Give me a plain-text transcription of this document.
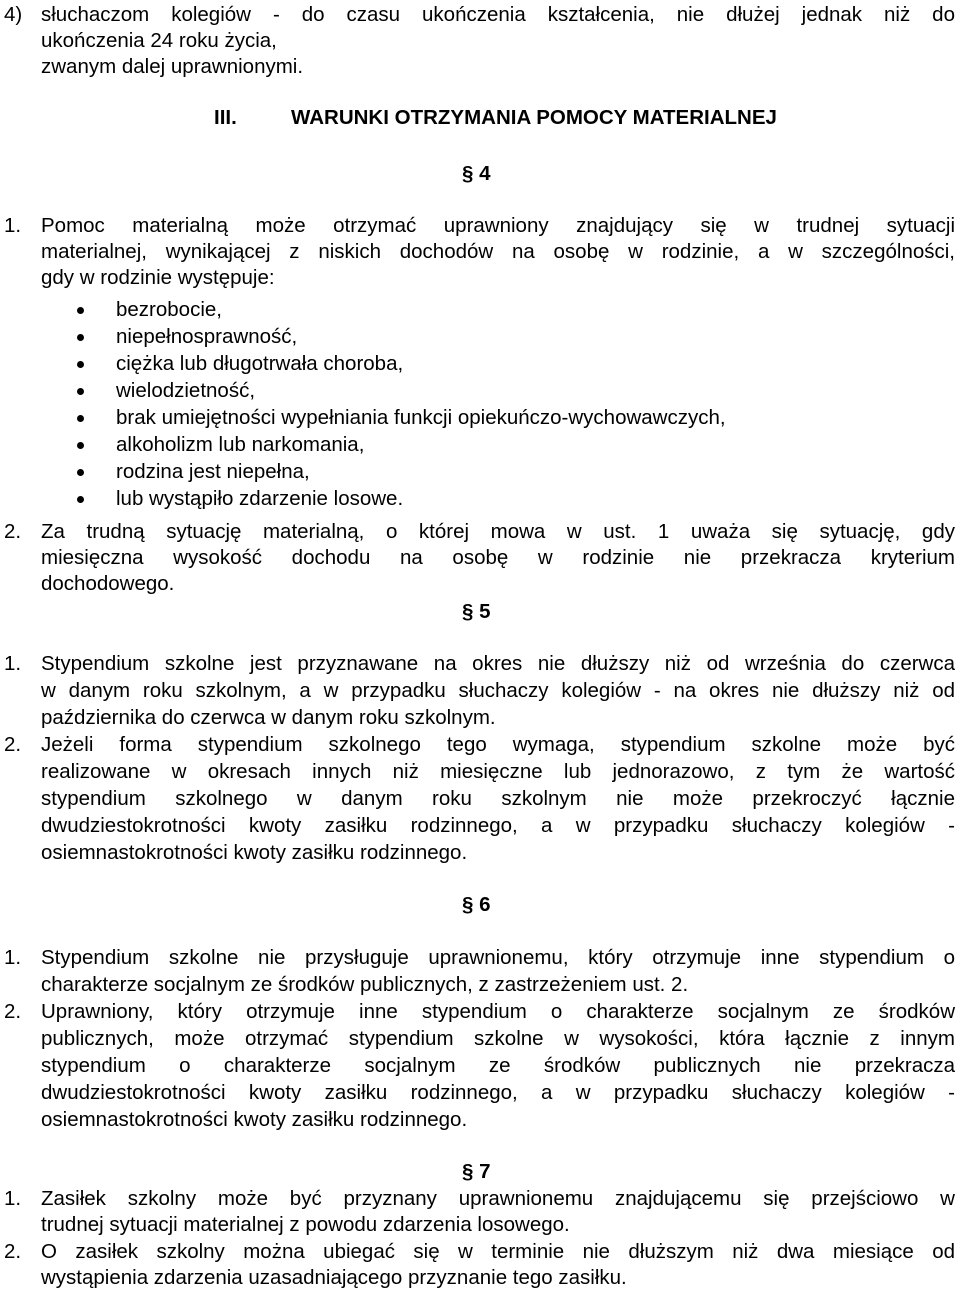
4) słuchaczom kolegiów - do czasu ukończenia kształcenia, nie dłużej jednak niż do
ukończenia 24 roku życia,
zwanym dalej uprawnionymi.
III.	WARUNKI OTRZYMANIA POMOCY MATERIALNEJ
§ 4
1. Pomoc materialną może otrzymać uprawniony znajdujący się w trudnej sytuacji
materialnej, wynikającej z niskich dochodów na osobę w rodzinie, a w szczególności,
gdy w rodzinie występuje:
bezrobocie,
niepełnosprawność,
ciężka lub długotrwała choroba,
wielodzietność,
brak umiejętności wypełniania funkcji opiekuńczo-wychowawczych,
alkoholizm lub narkomania,
rodzina jest niepełna,
lub wystąpiło zdarzenie losowe.
2. Za trudną sytuację materialną, o której mowa w ust. 1 uważa się sytuację, gdy
miesięczna wysokość dochodu na osobę w rodzinie nie przekracza kryterium
dochodowego.
§ 5
1. Stypendium szkolne jest przyznawane na okres nie dłuższy niż od września do czerwca
w danym roku szkolnym, a w przypadku słuchaczy kolegiów - na okres nie dłuższy niż od
października do czerwca w danym roku szkolnym.
2. Jeżeli forma stypendium szkolnego tego wymaga, stypendium szkolne może być
realizowane w okresach innych niż miesięczne lub jednorazowo, z tym że wartość
stypendium szkolnego w danym roku szkolnym nie może przekroczyć łącznie
dwudziestokrotności kwoty zasiłku rodzinnego, a w przypadku słuchaczy kolegiów -
osiemnastokrotności kwoty zasiłku rodzinnego.
§ 6
1. Stypendium szkolne nie przysługuje uprawnionemu, który otrzymuje inne stypendium o
charakterze socjalnym ze środków publicznych, z zastrzeżeniem ust. 2.
2. Uprawniony, który otrzymuje inne stypendium o charakterze socjalnym ze środków
publicznych, może otrzymać stypendium szkolne w wysokości, która łącznie z innym
stypendium o charakterze socjalnym ze środków publicznych nie przekracza
dwudziestokrotności kwoty zasiłku rodzinnego, a w przypadku słuchaczy kolegiów -
osiemnastokrotności kwoty zasiłku rodzinnego.
§ 7
1. Zasiłek szkolny może być przyznany uprawnionemu znajdującemu się przejściowo w
trudnej sytuacji materialnej z powodu zdarzenia losowego.
2. O zasiłek szkolny można ubiegać się w terminie nie dłuższym niż dwa miesiące od
wystąpienia zdarzenia uzasadniającego przyznanie tego zasiłku.
